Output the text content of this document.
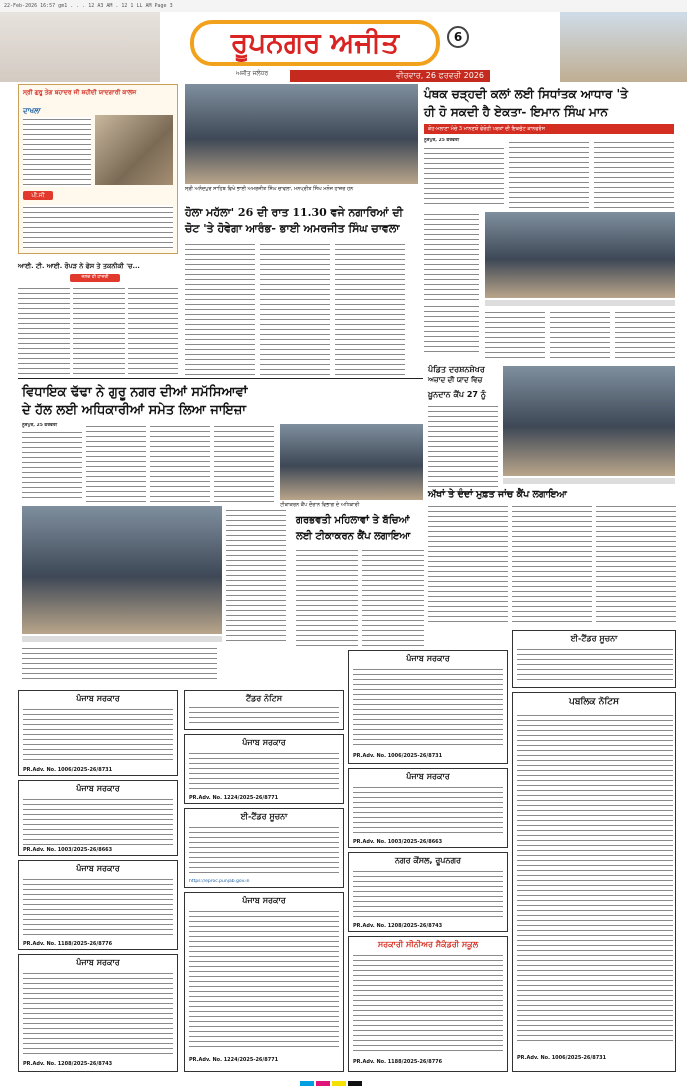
22-Feb-2026 16:57 gm1 . . . 12 A3 AM . 12 1 LL AM Page 3
ਰੂਪਨਗਰ ਅਜੀਤ	6
ਅਜੀਤ ਜਲੰਧਰ	ਵੀਰਵਾਰ, 26 ਫਰਵਰੀ 2026
ਸ੍ਰੀ ਗੁਰੂ ਤੇਗ ਬਹਾਦਰ ਜੀ ਸ਼ਹੀਦੀ ਯਾਦਗਾਰੀ ਕਾਲਜ
ਦਾਖਲਾ
ਪੀ.ਜੀ
ਸ੍ਰੀ ਅਨੰਦਪੁਰ ਸਾਹਿਬ ਵਿਖੇ ਭਾਈ ਅਮਰਜੀਤ ਸਿੰਘ ਚਾਵਲਾ, ਮਨਪ੍ਰੀਤ ਸਿੰਘ ਮਨੋਜ ਹਾਜ਼ਰ ਹਨ
ਪੰਥਕ ਚੜ੍ਹਦੀ ਕਲਾਂ ਲਈ ਸਿਧਾਂਤਕ ਆਧਾਰ 'ਤੇ
ਹੀ ਹੋ ਸਕਦੀ ਹੈ ਏਕਤਾ- ਇਮਾਨ ਸਿੰਘ ਮਾਨ
ਕੋਹ-ਮਲਾਣਾ ਮੰਚੇ 3 ਮਾਨਣਯੋ ਫੇਰੋਹੀ ਪਰਤਾਂ ਦੀ ਇਕਜੁੱਟ ਕਾਨਫਰੰਸ
ਨੂਰਪੁਰ, 25 ਫਰਵਰੀ
ਹੋਲਾ ਮਹੱਲਾ' 26 ਦੀ ਰਾਤ 11.30 ਵਜੇ ਨਗਾਰਿਆਂ ਦੀ
ਚੋਟ 'ਤੇ ਹੋਵੇਗਾ ਆਰੰਭ- ਭਾਈ ਅਮਰਜੀਤ ਸਿੰਘ ਚਾਵਲਾ
ਆਈ. ਟੀ. ਆਈ. ਰੋਪੜ ਨੇ ਫੇਸ ਤੇ ਤਕਨੀਕੀ 'ਚ...
ਜਲਦ ਹੀ ਹਾਜਰੀ
ਪੰਡਿਤ ਦਰਸ਼ਨਸ਼ੇਖਰ
ਅਜ਼ਾਦ ਦੀ ਯਾਦ ਵਿਚ
ਖ਼ੂਨਦਾਨ ਕੈਂਪ 27 ਨੂੰ
ਅੱਖਾਂ ਤੇ ਦੰਦਾਂ ਮੁਫ਼ਤ ਜਾਂਚ ਕੈਂਪ ਲਗਾਇਆ
ਵਿਧਾਇਕ ਢੱਢਾ ਨੇ ਗੁਰੂ ਨਗਰ ਦੀਆਂ ਸਮੱਸਿਆਵਾਂ
ਦੇ ਹੱਲ ਲਈ ਅਧਿਕਾਰੀਆਂ ਸਮੇਤ ਲਿਆ ਜਾਇਜ਼ਾ
ਨੂਰਪੁਰ, 25 ਫਰਵਰੀ
ਟੀਕਾਕਰਨ ਕੈਂਪ ਦੌਰਾਨ ਵਿਭਾਗ ਦੇ ਅਧਿਕਾਰੀ
ਗਰਭਵਤੀ ਮਹਿਲਾਵਾਂ ਤੇ ਬੱਚਿਆਂ
ਲਈ ਟੀਕਾਕਰਨ ਕੈਂਪ ਲਗਾਇਆ
ਪੰਜਾਬ ਸਰਕਾਰ
PR.Adv. No. 1006/2025-26/8731
ਪੰਜਾਬ ਸਰਕਾਰ
PR.Adv. No. 1003/2025-26/8663
ਪੰਜਾਬ ਸਰਕਾਰ
PR.Adv. No. 1188/2025-26/8776
ਪੰਜਾਬ ਸਰਕਾਰ
PR.Adv. No. 1208/2025-26/8743
ਟੈਂਡਰ ਨੋਟਿਸ
ਪੰਜਾਬ ਸਰਕਾਰ
PR.Adv. No. 1224/2025-26/8771
ਈ-ਟੈਂਡਰ ਸੂਚਨਾ
https://eproc.punjab.gov.in
ਪੰਜਾਬ ਸਰਕਾਰ
PR.Adv. No. 1224/2025-26/8771
ਪੰਜਾਬ ਸਰਕਾਰ
PR.Adv. No. 1006/2025-26/8731
ਪੰਜਾਬ ਸਰਕਾਰ
PR.Adv. No. 1003/2025-26/8663
ਨਗਰ ਕੌਂਸਲ, ਰੂਪਨਗਰ
PR.Adv. No. 1208/2025-26/8743
ਸਰਕਾਰੀ ਸੀਨੀਅਰ ਸੈਕੰਡਰੀ ਸਕੂਲ
PR.Adv. No. 1188/2025-26/8776
ਈ-ਟੈਂਡਰ ਸੂਚਨਾ
ਪਬਲਿਕ ਨੋਟਿਸ
PR.Adv. No. 1006/2025-26/8731
